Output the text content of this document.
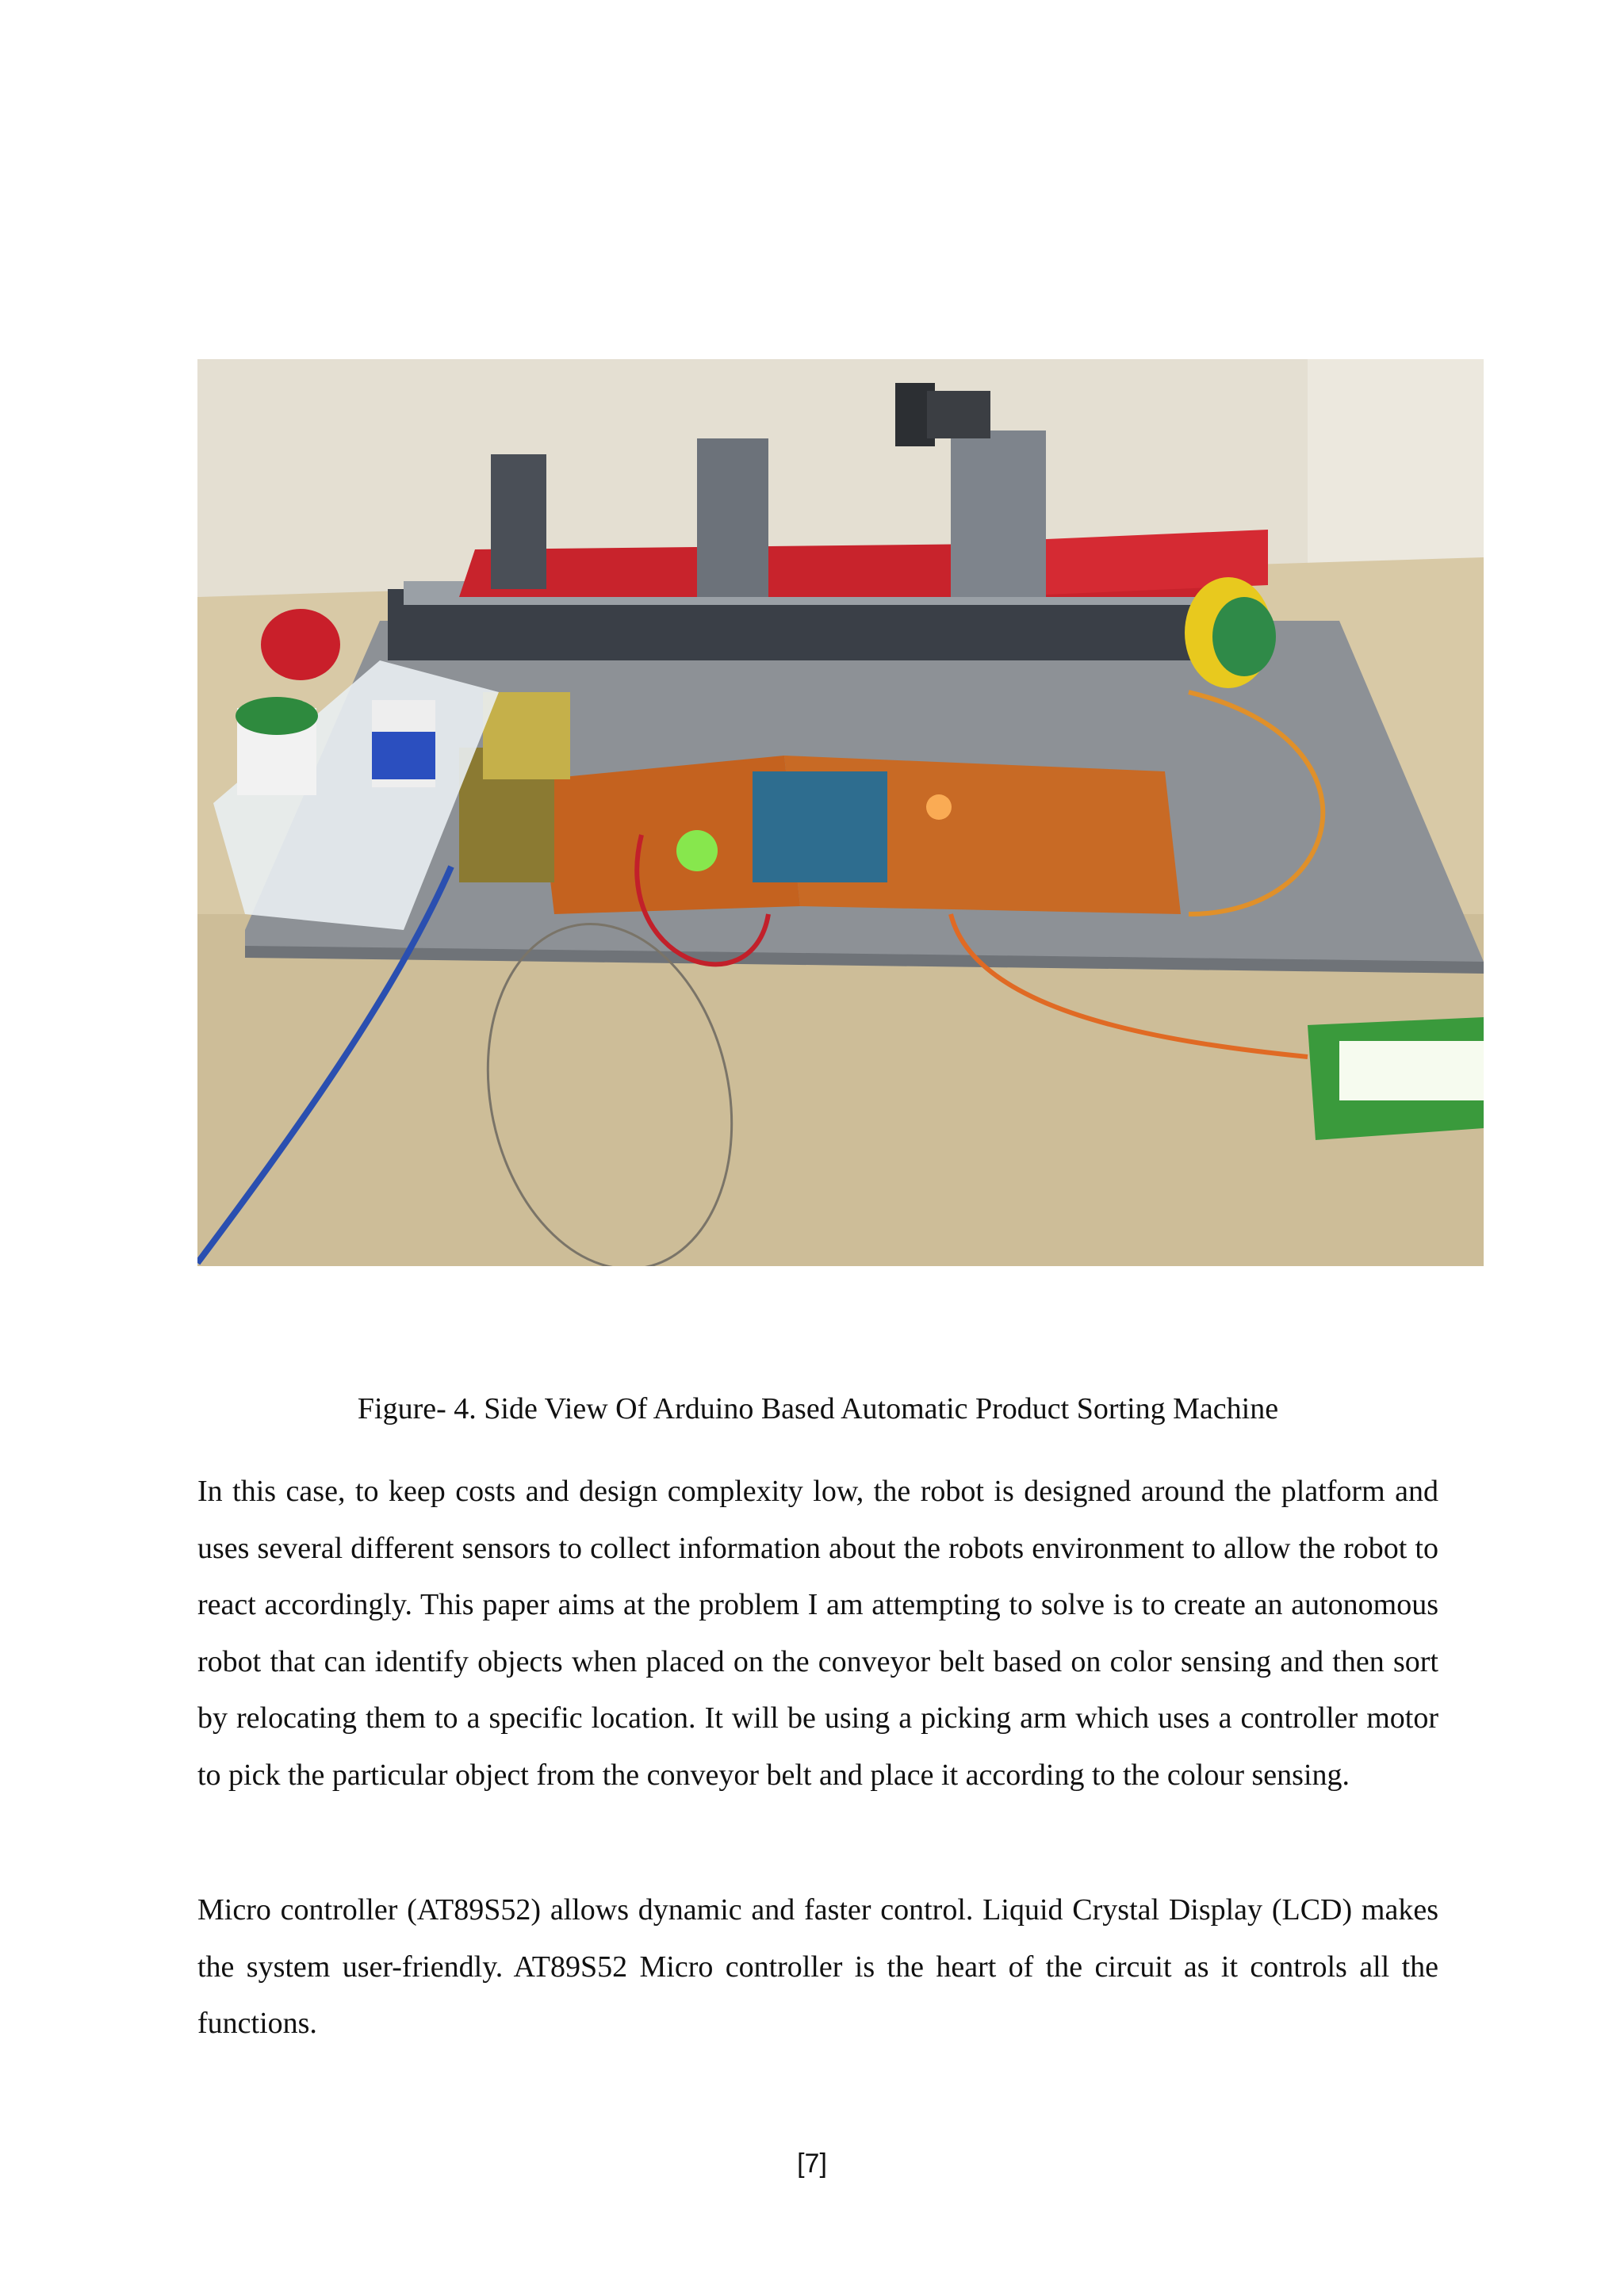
Figure- 4. Side View Of Arduino Based Automatic Product Sorting Machine

In this case, to keep costs and design complexity low, the robot is designed around the platform and uses several different sensors to collect information about the robots environment to allow the robot to react accordingly. This paper aims at the problem I am attempting to solve is to create an autonomous robot that can identify objects when placed on the conveyor belt based on color sensing and then sort by relocating them to a specific location. It will be using a picking arm which uses a controller motor to pick the particular object from the conveyor belt and place it according to the colour sensing.

Micro controller (AT89S52) allows dynamic and faster control. Liquid Crystal Display (LCD) makes the system user-friendly. AT89S52 Micro controller is the heart of the circuit as it controls all the functions.

[7]
